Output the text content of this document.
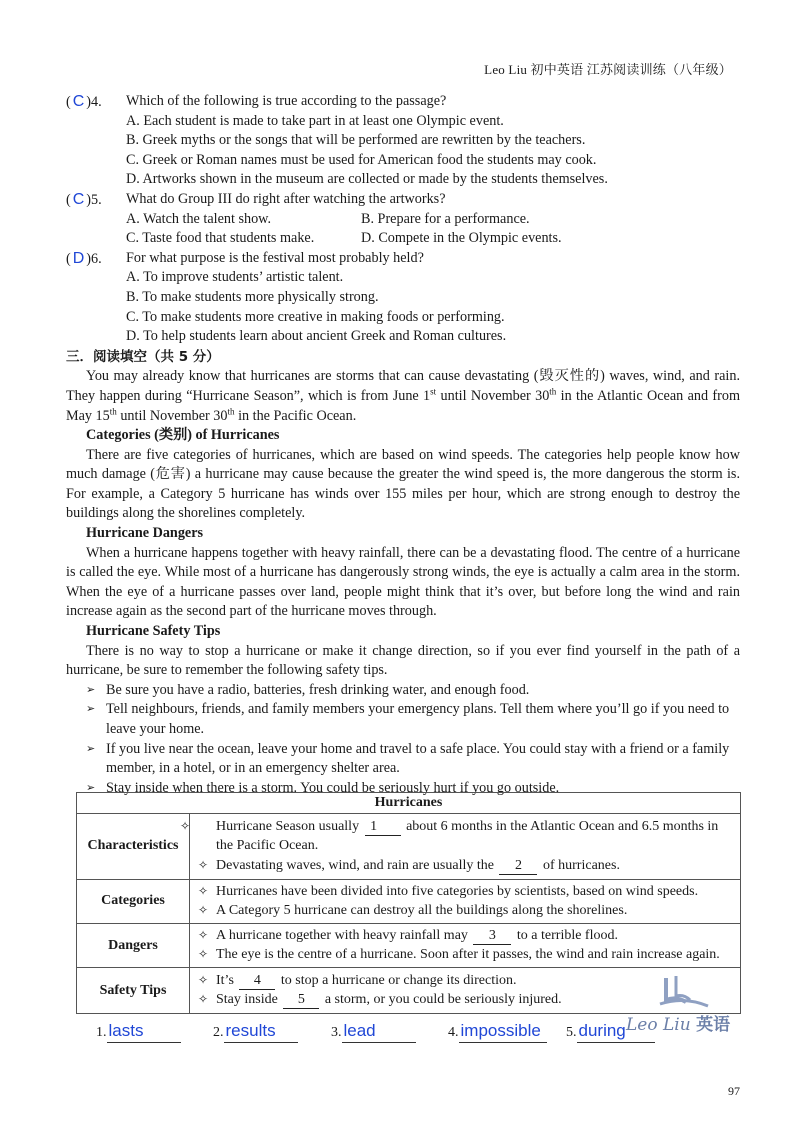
Leo Liu 初中英语 江苏阅读训练（八年级）
( C )4. Which of the following is true according to the passage?
A. Each student is made to take part in at least one Olympic event.
B. Greek myths or the songs that will be performed are rewritten by the teachers.
C. Greek or Roman names must be used for American food the students may cook.
D. Artworks shown in the museum are collected or made by the students themselves.
( C )5. What do Group III do right after watching the artworks?
A. Watch the talent show.	B. Prepare for a performance.
C. Taste food that students make.	D. Compete in the Olympic events.
( D )6. For what purpose is the festival most probably held?
A. To improve students’ artistic talent.
B. To make students more physically strong.
C. To make students more creative in making foods or performing.
D. To help students learn about ancient Greek and Roman cultures.
三．阅读填空（共 5 分）

You may already know that hurricanes are storms that can cause devastating (毁灭性的) waves, wind, and rain. They happen during “Hurricane Season”, which is from June 1st until November 30th in the Atlantic Ocean and from May 15th until November 30th in the Pacific Ocean.

Categories (类别) of Hurricanes

There are five categories of hurricanes, which are based on wind speeds. The categories help people know how much damage (危害) a hurricane may cause because the greater the wind speed is, the more dangerous the storm is. For example, a Category 5 hurricane has winds over 155 miles per hour, which are strong enough to destroy the buildings along the shorelines completely.

Hurricane Dangers

When a hurricane happens together with heavy rainfall, there can be a devastating flood. The centre of a hurricane is called the eye. While most of a hurricane has dangerously strong winds, the eye is actually a calm area in the storm. When the eye of a hurricane passes over land, people might think that it’s over, but before long the wind and rain increase again as the second part of the hurricane moves through.

Hurricane Safety Tips

There is no way to stop a hurricane or make it change direction, so if you ever find yourself in the path of a hurricane, be sure to remember the following safety tips.

➢ Be sure you have a radio, batteries, fresh drinking water, and enough food.
➢ Tell neighbours, friends, and family members your emergency plans. Tell them where you’ll go if you need to leave your home.
➢ If you live near the ocean, leave your home and travel to a safe place. You could stay with a friend or a family member, in a hotel, or in an emergency shelter area.
➢ Stay inside when there is a storm. You could be seriously hurt if you go outside.
Hurricanes	
Characteristics	✧ Hurricane Season usually 1 about 6 months in the Atlantic Ocean and 6.5 months in the Pacific Ocean.
✧ Devastating waves, wind, and rain are usually the 2 of hurricanes.

Categories	✧ Hurricanes have been divided into five categories by scientists, based on wind speeds.
✧ A Category 5 hurricane can destroy all the buildings along the shorelines.

Dangers	✧ A hurricane together with heavy rainfall may 3 to a terrible flood.
✧ The eye is the centre of a hurricane. Soon after it passes, the wind and rain increase again.

Safety Tips	✧ It’s 4 to stop a hurricane or change its direction.
✧ Stay inside 5 a storm, or you could be seriously injured.
1. lasts	2. results	3. lead	4. impossible	5. during Leo Liu 英语
97
